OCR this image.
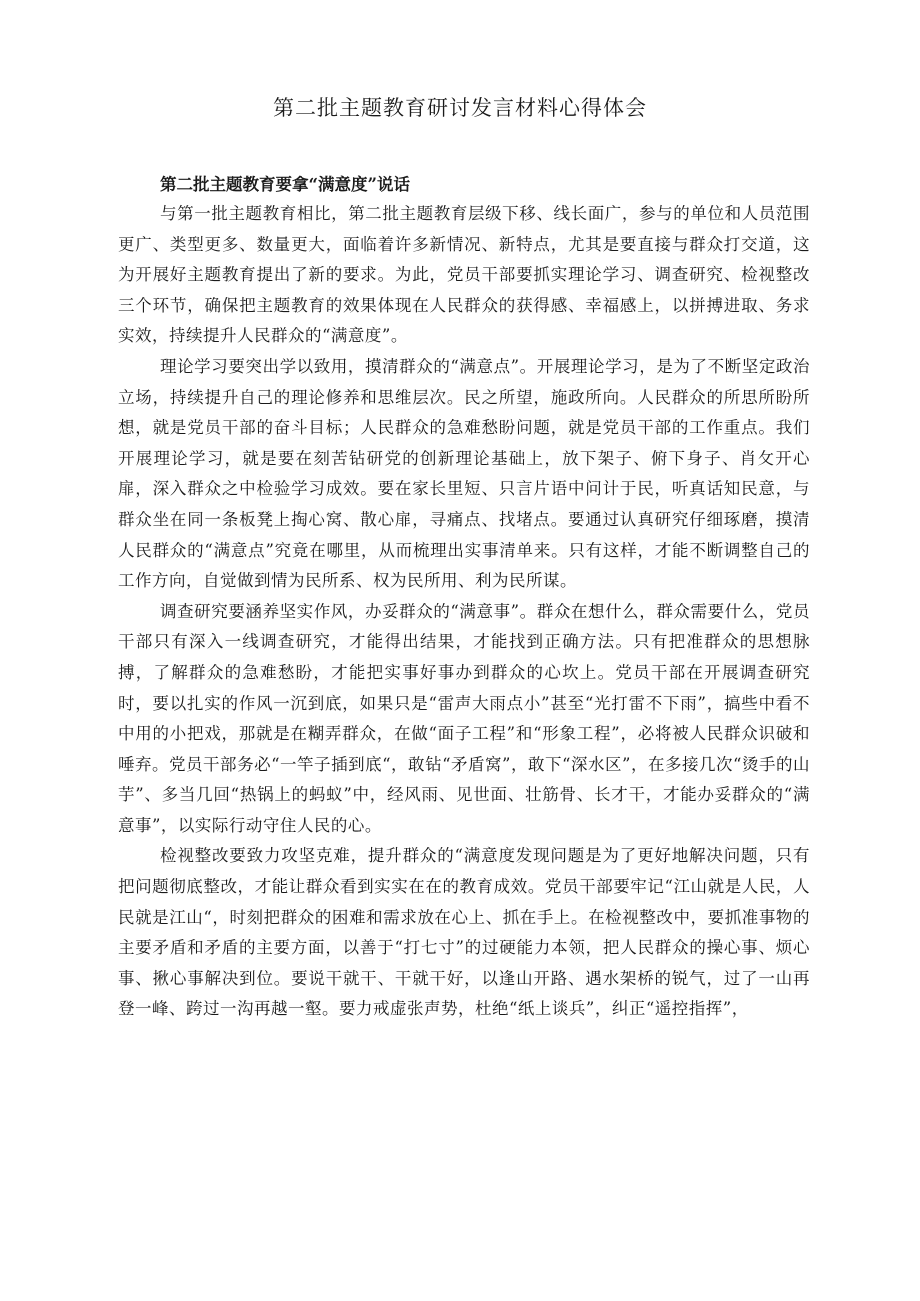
第二批主题教育研讨发言材料心得体会

第二批主题教育要拿“满意度”说话

与第一批主题教育相比，第二批主题教育层级下移、线长面广，参与的单位和人员范围更广、类型更多、数量更大，面临着许多新情况、新特点，尤其是要直接与群众打交道，这为开展好主题教育提出了新的要求。为此，党员干部要抓实理论学习、调查研究、检视整改三个环节，确保把主题教育的效果体现在人民群众的获得感、幸福感上，以拼搏进取、务求实效，持续提升人民群众的“满意度”。

理论学习要突出学以致用，摸清群众的“满意点”。开展理论学习，是为了不断坚定政治立场，持续提升自己的理论修养和思维层次。民之所望，施政所向。人民群众的所思所盼所想，就是党员干部的奋斗目标；人民群众的急难愁盼问题，就是党员干部的工作重点。我们开展理论学习，就是要在刻苦钻研党的创新理论基础上，放下架子、俯下身子、肖攵开心扉，深入群众之中检验学习成效。要在家长里短、只言片语中问计于民，听真话知民意，与群众坐在同一条板凳上掏心窝、散心扉，寻痛点、找堵点。要通过认真研究仔细琢磨，摸清人民群众的“满意点”究竟在哪里，从而梳理出实事清单来。只有这样，才能不断调整自己的工作方向，自觉做到情为民所系、权为民所用、利为民所谋。

调查研究要涵养坚实作风，办妥群众的“满意事”。群众在想什么，群众需要什么，党员干部只有深入一线调查研究，才能得出结果，才能找到正确方法。只有把准群众的思想脉搏，了解群众的急难愁盼，才能把实事好事办到群众的心坎上。党员干部在开展调查研究时，要以扎实的作风一沉到底，如果只是“雷声大雨点小”甚至“光打雷不下雨”，搞些中看不中用的小把戏，那就是在糊弄群众，在做“面子工程”和“形象工程”，必将被人民群众识破和唾弃。党员干部务必“一竿子插到底“，敢钻“矛盾窝”，敢下“深水区”，在多接几次“烫手的山芋”、多当几回“热锅上的蚂蚁”中，经风雨、见世面、壮筋骨、长才干，才能办妥群众的“满意事”，以实际行动守住人民的心。

检视整改要致力攻坚克难，提升群众的“满意度发现问题是为了更好地解决问题，只有把问题彻底整改，才能让群众看到实实在在的教育成效。党员干部要牢记“江山就是人民，人民就是江山“，时刻把群众的困难和需求放在心上、抓在手上。在检视整改中，要抓准事物的主要矛盾和矛盾的主要方面，以善于“打七寸”的过硬能力本领，把人民群众的操心事、烦心事、揪心事解决到位。要说干就干、干就干好，以逢山开路、遇水架桥的锐气，过了一山再登一峰、跨过一沟再越一壑。要力戒虚张声势，杜绝“纸上谈兵”，纠正“遥控指挥”，
